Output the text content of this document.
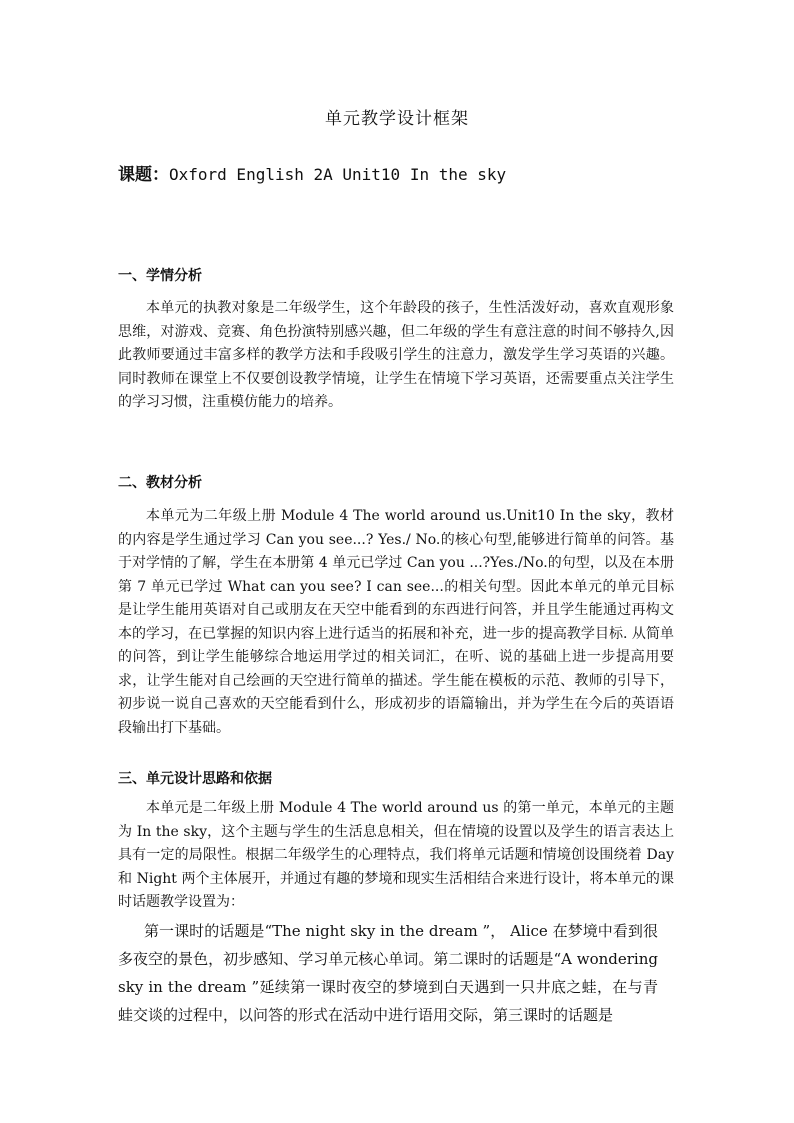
单元教学设计框架
课题：Oxford English 2A Unit10 In the sky
一、学情分析
本单元的执教对象是二年级学生，这个年龄段的孩子，生性活泼好动，喜欢直观形象思维，对游戏、竞赛、角色扮演特别感兴趣，但二年级的学生有意注意的时间不够持久,因此教师要通过丰富多样的教学方法和手段吸引学生的注意力，激发学生学习英语的兴趣。同时教师在课堂上不仅要创设教学情境，让学生在情境下学习英语，还需要重点关注学生的学习习惯，注重模仿能力的培养。
二、教材分析
本单元为二年级上册 Module 4 The world around us.Unit10 In the sky，教材的内容是学生通过学习 Can you see...? Yes./ No.的核心句型,能够进行简单的问答。基于对学情的了解，学生在本册第 4 单元已学过 Can you ...?Yes./No.的句型，以及在本册第 7 单元已学过 What can you see? I can see...的相关句型。因此本单元的单元目标是让学生能用英语对自己或朋友在天空中能看到的东西进行问答，并且学生能通过再构文本的学习，在已掌握的知识内容上进行适当的拓展和补充，进一步的提高教学目标. 从简单的问答，到让学生能够综合地运用学过的相关词汇，在听、说的基础上进一步提高用要求，让学生能对自己绘画的天空进行简单的描述。学生能在模板的示范、教师的引导下，初步说一说自己喜欢的天空能看到什么，形成初步的语篇输出，并为学生在今后的英语语段输出打下基础。
三、单元设计思路和依据
本单元是二年级上册 Module 4 The world around us 的第一单元，本单元的主题为 In the sky，这个主题与学生的生活息息相关，但在情境的设置以及学生的语言表达上具有一定的局限性。根据二年级学生的心理特点，我们将单元话题和情境创设围绕着 Day 和 Night 两个主体展开，并通过有趣的梦境和现实生活相结合来进行设计，将本单元的课时话题教学设置为：
第一课时的话题是“The night sky in the dream ”， Alice 在梦境中看到很多夜空的景色，初步感知、学习单元核心单词。第二课时的话题是“A wondering sky in the dream ”延续第一课时夜空的梦境到白天遇到一只井底之蛙，在与青蛙交谈的过程中，以问答的形式在活动中进行语用交际，第三课时的话题是
